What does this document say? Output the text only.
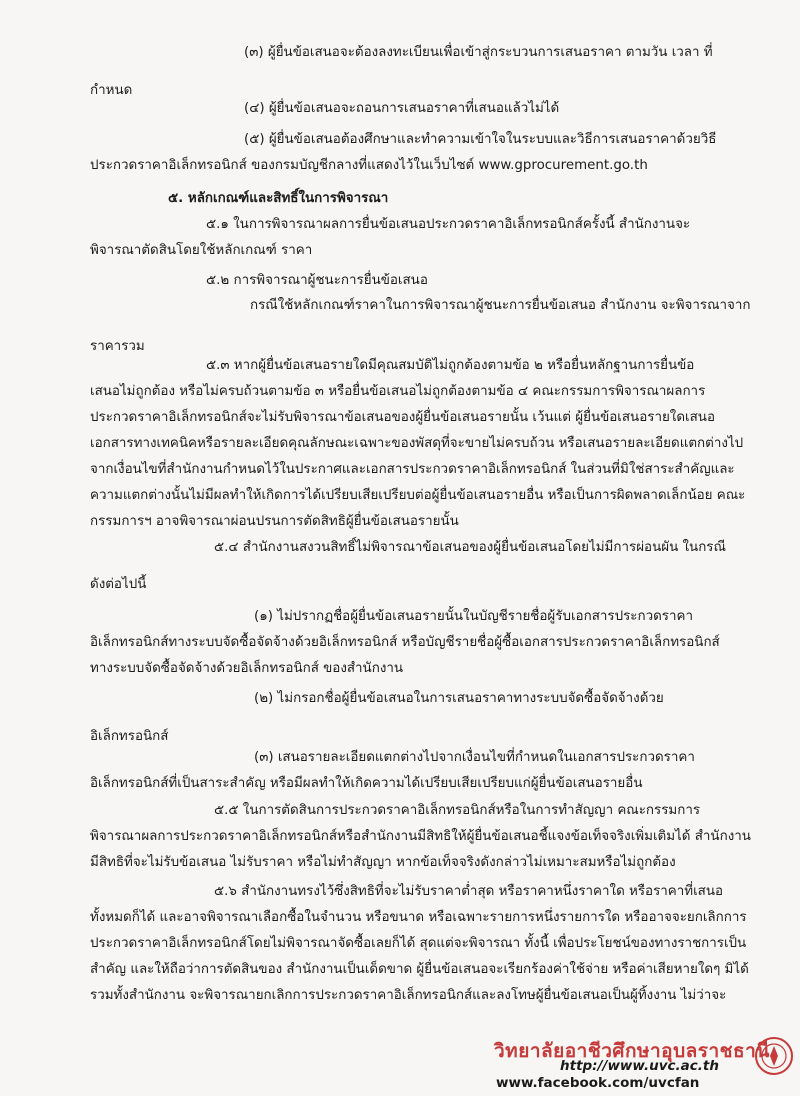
(๓) ผู้ยื่นข้อเสนอจะต้องลงทะเบียนเพื่อเข้าสู่กระบวนการเสนอราคา ตามวัน เวลา ที่
กำหนด
(๔) ผู้ยื่นข้อเสนอจะถอนการเสนอราคาที่เสนอแล้วไม่ได้
(๕) ผู้ยื่นข้อเสนอต้องศึกษาและทำความเข้าใจในระบบและวิธีการเสนอราคาด้วยวิธี
ประกวดราคาอิเล็กทรอนิกส์ ของกรมบัญชีกลางที่แสดงไว้ในเว็บไซต์ www.gprocurement.go.th
๕. หลักเกณฑ์และสิทธิ์ในการพิจารณา
๕.๑ ในการพิจารณาผลการยื่นข้อเสนอประกวดราคาอิเล็กทรอนิกส์ครั้งนี้ สำนักงานจะ
พิจารณาตัดสินโดยใช้หลักเกณฑ์ ราคา
๕.๒ การพิจารณาผู้ชนะการยื่นข้อเสนอ
กรณีใช้หลักเกณฑ์ราคาในการพิจารณาผู้ชนะการยื่นข้อเสนอ สำนักงาน จะพิจารณาจาก
ราคารวม
๕.๓ หากผู้ยื่นข้อเสนอรายใดมีคุณสมบัติไม่ถูกต้องตามข้อ ๒ หรือยื่นหลักฐานการยื่นข้อ
เสนอไม่ถูกต้อง หรือไม่ครบถ้วนตามข้อ ๓ หรือยื่นข้อเสนอไม่ถูกต้องตามข้อ ๔ คณะกรรมการพิจารณาผลการ
ประกวดราคาอิเล็กทรอนิกส์จะไม่รับพิจารณาข้อเสนอของผู้ยื่นข้อเสนอรายนั้น เว้นแต่ ผู้ยื่นข้อเสนอรายใดเสนอ
เอกสารทางเทคนิคหรือรายละเอียดคุณลักษณะเฉพาะของพัสดุที่จะขายไม่ครบถ้วน หรือเสนอรายละเอียดแตกต่างไป
จากเงื่อนไขที่สำนักงานกำหนดไว้ในประกาศและเอกสารประกวดราคาอิเล็กทรอนิกส์ ในส่วนที่มิใช่สาระสำคัญและ
ความแตกต่างนั้นไม่มีผลทำให้เกิดการได้เปรียบเสียเปรียบต่อผู้ยื่นข้อเสนอรายอื่น หรือเป็นการผิดพลาดเล็กน้อย คณะ
กรรมการฯ อาจพิจารณาผ่อนปรนการตัดสิทธิผู้ยื่นข้อเสนอรายนั้น
๕.๔ สำนักงานสงวนสิทธิ์ไม่พิจารณาข้อเสนอของผู้ยื่นข้อเสนอโดยไม่มีการผ่อนผัน ในกรณี
ดังต่อไปนี้
(๑) ไม่ปรากฏชื่อผู้ยื่นข้อเสนอรายนั้นในบัญชีรายชื่อผู้รับเอกสารประกวดราคา
อิเล็กทรอนิกส์ทางระบบจัดซื้อจัดจ้างด้วยอิเล็กทรอนิกส์ หรือบัญชีรายชื่อผู้ซื้อเอกสารประกวดราคาอิเล็กทรอนิกส์
ทางระบบจัดซื้อจัดจ้างด้วยอิเล็กทรอนิกส์ ของสำนักงาน
(๒) ไม่กรอกชื่อผู้ยื่นข้อเสนอในการเสนอราคาทางระบบจัดซื้อจัดจ้างด้วย
อิเล็กทรอนิกส์
(๓) เสนอรายละเอียดแตกต่างไปจากเงื่อนไขที่กำหนดในเอกสารประกวดราคา
อิเล็กทรอนิกส์ที่เป็นสาระสำคัญ หรือมีผลทำให้เกิดความได้เปรียบเสียเปรียบแก่ผู้ยื่นข้อเสนอรายอื่น
๕.๕ ในการตัดสินการประกวดราคาอิเล็กทรอนิกส์หรือในการทำสัญญา คณะกรรมการ
พิจารณาผลการประกวดราคาอิเล็กทรอนิกส์หรือสำนักงานมีสิทธิให้ผู้ยื่นข้อเสนอชี้แจงข้อเท็จจริงเพิ่มเติมได้ สำนักงาน
มีสิทธิที่จะไม่รับข้อเสนอ ไม่รับราคา หรือไม่ทำสัญญา หากข้อเท็จจริงดังกล่าวไม่เหมาะสมหรือไม่ถูกต้อง
๕.๖ สำนักงานทรงไว้ซึ่งสิทธิที่จะไม่รับราคาต่ำสุด หรือราคาหนึ่งราคาใด หรือราคาที่เสนอ
ทั้งหมดก็ได้ และอาจพิจารณาเลือกซื้อในจำนวน หรือขนาด หรือเฉพาะรายการหนึ่งรายการใด หรืออาจจะยกเลิกการ
ประกวดราคาอิเล็กทรอนิกส์โดยไม่พิจารณาจัดซื้อเลยก็ได้ สุดแต่จะพิจารณา ทั้งนี้ เพื่อประโยชน์ของทางราชการเป็น
สำคัญ และให้ถือว่าการตัดสินของ สำนักงานเป็นเด็ดขาด ผู้ยื่นข้อเสนอจะเรียกร้องค่าใช้จ่าย หรือค่าเสียหายใดๆ มิได้
รวมทั้งสำนักงาน จะพิจารณายกเลิกการประกวดราคาอิเล็กทรอนิกส์และลงโทษผู้ยื่นข้อเสนอเป็นผู้ทิ้งงาน ไม่ว่าจะ
วิทยาลัยอาชีวศึกษาอุบลราชธานี
http://www.uvc.ac.th
www.facebook.com/uvcfan
